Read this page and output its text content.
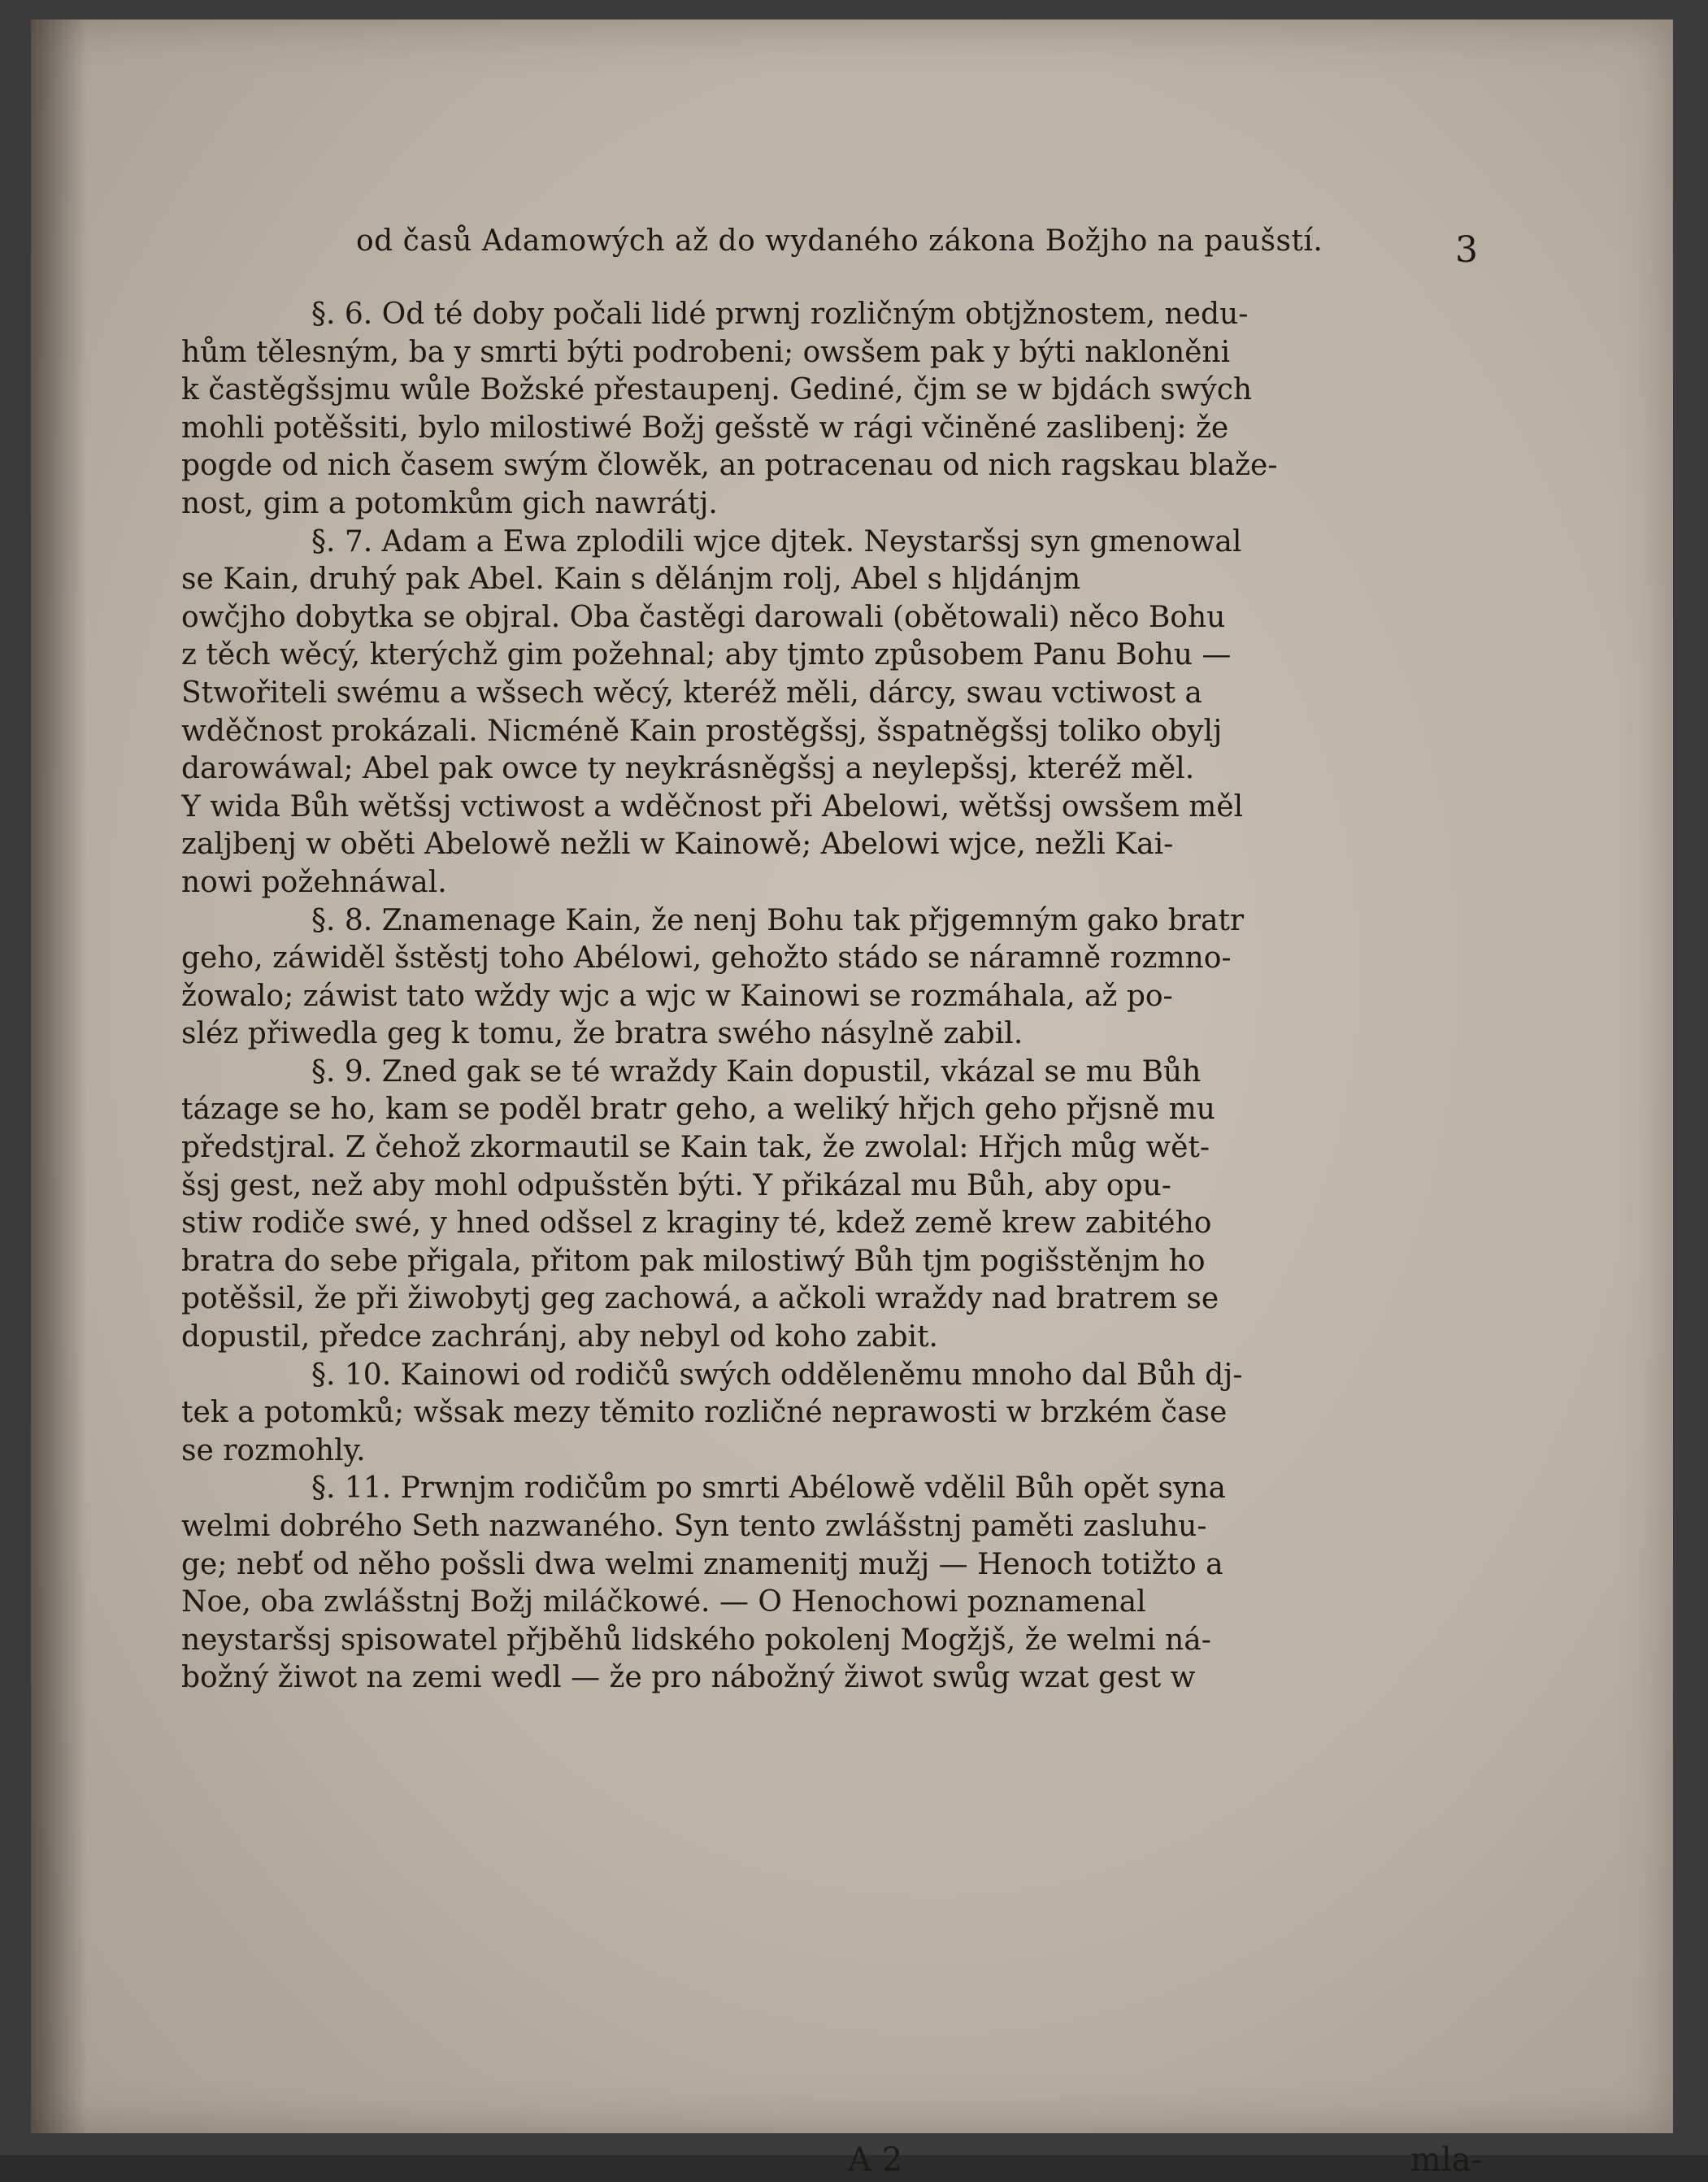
od časů Adamowých až do wydaného zákona Božjho na paušstí.	3
§. 6. Od té doby počali lidé prwnj rozličným obtjžnostem, nedu-
hům tělesným, ba y smrti býti podrobeni; owsšem pak y býti nakloněni
k častěgšsjmu wůle Božské přestaupenj. Gediné, čjm se w bjdách swých
mohli potěšsiti, bylo milostiwé Božj gešstě w rági včiněné zaslibenj: že
pogde od nich časem swým člowěk, an potracenau od nich ragskau blaže-
nost, gim a potomkům gich nawrátj.
§. 7. Adam a Ewa zplodili wjce djtek. Neystaršsj syn gmenowal
se Kain, druhý pak Abel. Kain s dělánjm rolj, Abel s hljdánjm
owčjho dobytka se objral. Oba častěgi darowali (obětowali) něco Bohu
z těch wěcý, kterýchž gim požehnal; aby tjmto způsobem Panu Bohu —
Stwořiteli swému a wšsech wěcý, kteréž měli, dárcy, swau vctiwost a
wděčnost prokázali. Nicméně Kain prostěgšsj, šspatněgšsj toliko obylj
darowáwal; Abel pak owce ty neykrásněgšsj a neylepšsj, kteréž měl.
Y wida Bůh wětšsj vctiwost a wděčnost při Abelowi, wětšsj owsšem měl
zaljbenj w oběti Abelowě nežli w Kainowě; Abelowi wjce, nežli Kai-
nowi požehnáwal.
§. 8. Znamenage Kain, že nenj Bohu tak přjgemným gako bratr
geho, záwiděl šstěstj toho Abélowi, gehožto stádo se náramně rozmno-
žowalo; záwist tato wždy wjc a wjc w Kainowi se rozmáhala, až po-
sléz přiwedla geg k tomu, že bratra swého násylně zabil.
§. 9. Zned gak se té wraždy Kain dopustil, vkázal se mu Bůh
tázage se ho, kam se poděl bratr geho, a weliký hřjch geho přjsně mu
předstjral. Z čehož zkormautil se Kain tak, že zwolal: Hřjch můg wět-
šsj gest, než aby mohl odpušstěn býti. Y přikázal mu Bůh, aby opu-
stiw rodiče swé, y hned odšsel z kraginy té, kdež země krew zabitého
bratra do sebe přigala, přitom pak milostiwý Bůh tjm pogišstěnjm ho
potěšsil, že při žiwobytj geg zachowá, a ačkoli wraždy nad bratrem se
dopustil, předce zachránj, aby nebyl od koho zabit.
§. 10. Kainowi od rodičů swých odděleněmu mnoho dal Bůh dj-
tek a potomků; wšsak mezy těmito rozličné neprawosti w brzkém čase
se rozmohly.
§. 11. Prwnjm rodičům po smrti Abélowě vdělil Bůh opět syna
welmi dobrého Seth nazwaného. Syn tento zwlášstnj paměti zasluhu-
ge; nebť od něho pošsli dwa welmi znamenitj mužj — Henoch totižto a
Noe, oba zwlášstnj Božj miláčkowé. — O Henochowi poznamenal
neystaršsj spisowatel přjběhů lidského pokolenj Mogžjš, že welmi ná-
božný žiwot na zemi wedl — že pro nábožný žiwot swůg wzat gest w
A 2	mla-
